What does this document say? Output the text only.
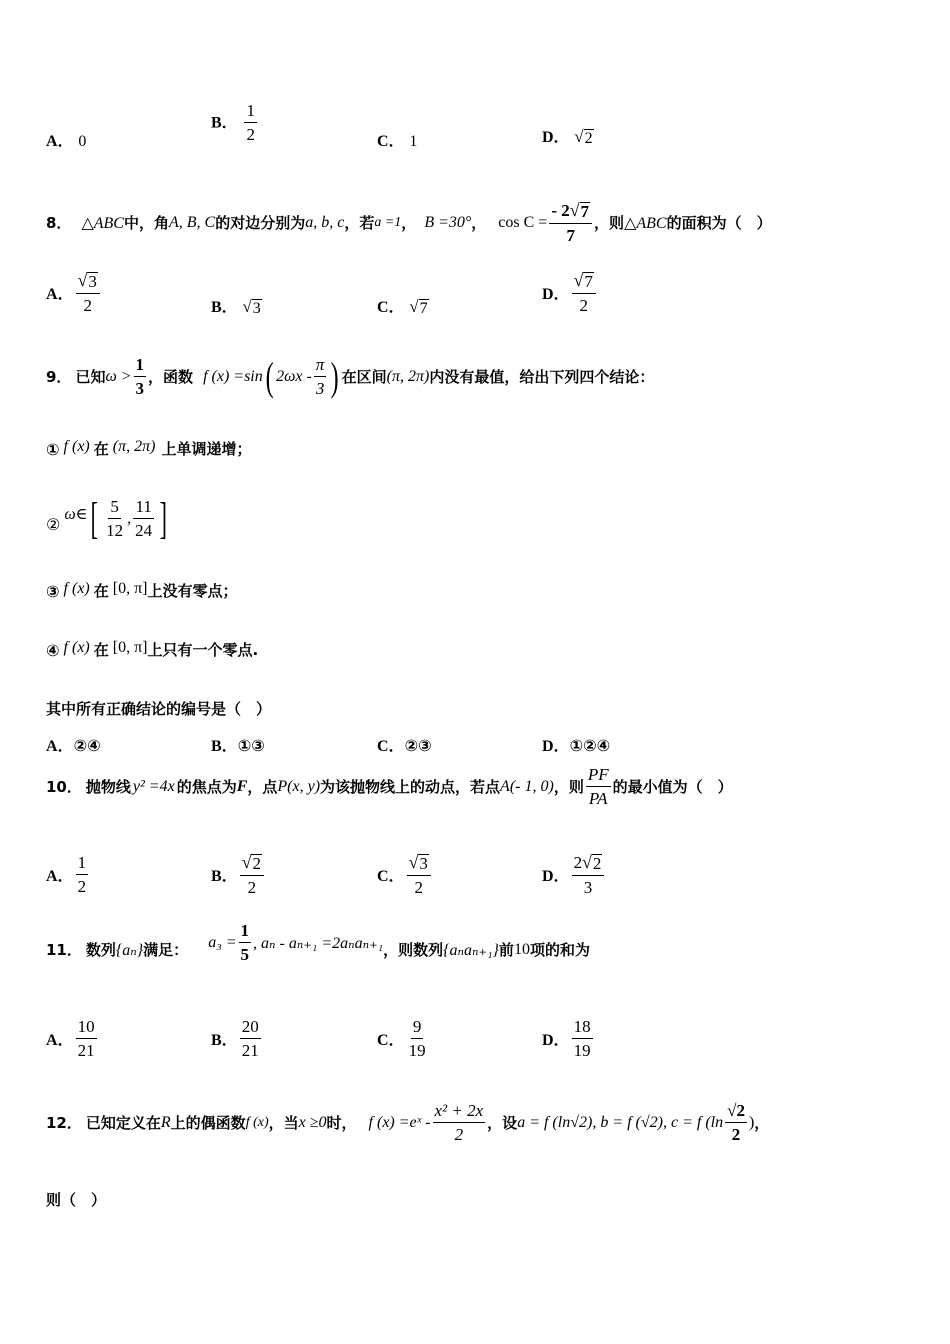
A． 0
B． $\frac{1}{2}$	C． 1	D． √ 2
8． △ABC 中，角 A, B, C 的对边分别为 a, b, c ，若 a =1 ， B =30° ， $\cos C = \frac{- 2 √ 7}{7}$ ，则 △ABC 的面积为（　）
A． $\frac{√ 3}{2}$	B． √ 3	C． √ 7
D． $\frac{√ 7}{2}$
9． 已知 $\omega > \frac{1}{3}$ ，函数 f (x) =sin ( $2\omega x - \frac{\pi}{3}$ ) 在区间 (π, 2π) 内没有最值，给出下列四个结论：
① f (x) 在 (π, 2π) 上单调递增；
②
ω∈ [ $\frac{5}{12}$ , $\frac{11}{24}$ ]
③ f (x) 在 [0, π] 上没有零点；
④ f (x) 在 [0, π] 上只有一个零点.
其中所有正确结论的编号是（　）
A．②④	B．①③	C．②③	D．①②④
10． 抛物线 y² =4x 的焦点为 F ，点 P(x, y) 为该抛物线上的动点，若点 A(- 1, 0) ，则 $\frac{PF}{PA}$ 的最小值为（　）
A． $\frac{1}{2}$	B． $\frac{√ 2}{2}$	C． $\frac{√ 3}{2}$	D． $\frac{2 √ 2}{3}$
11． 数列 {aₙ} 满足： $a_3 = \frac{1}{5}$ , aₙ - aₙ₊₁ =2aₙaₙ₊₁ ，则数列 {aₙaₙ₊₁} 前 10 项的和为
A． $\frac{10}{21}$	B． $\frac{20}{21}$	C． $\frac{9}{19}$	D． $\frac{18}{19}$
12． 已知定义在 R 上的偶函数 f (x) ，当 x ≥0 时， f (x) =eˣ - $\frac{\text{x² + 2x}}{2}$ ，设 a = f (ln√2), b = f (√2), c = f ($\ln \frac{√2}{2}$ ) ，
则（　）
